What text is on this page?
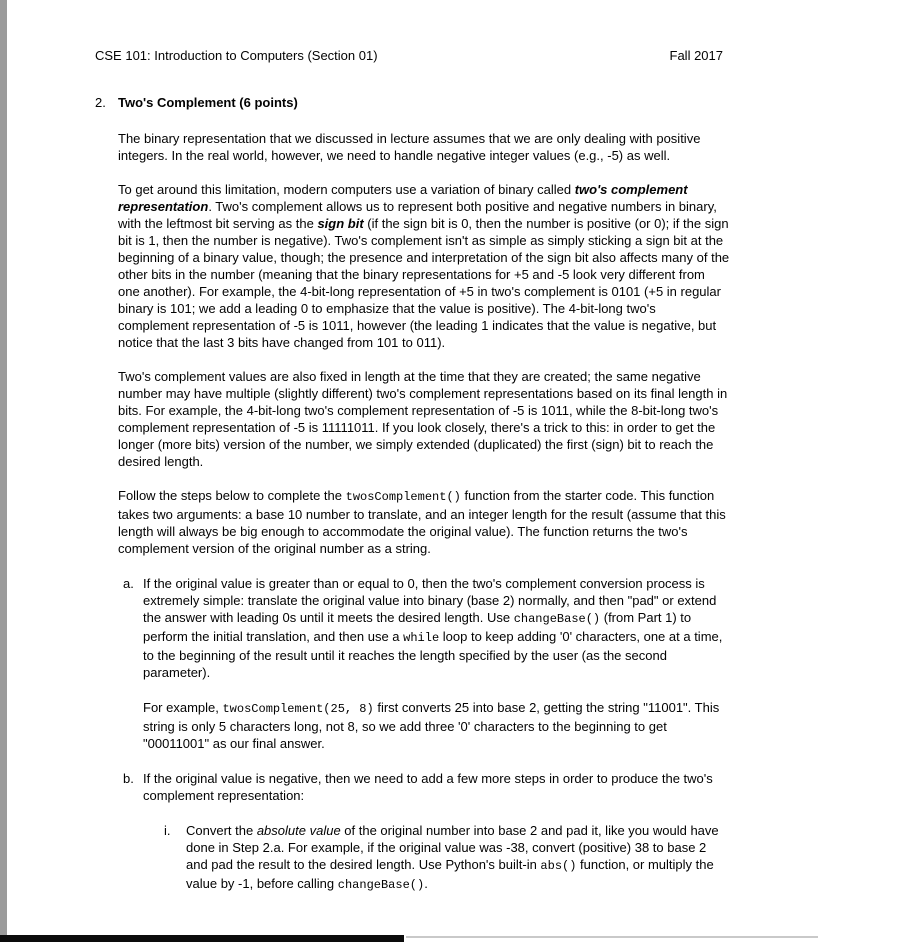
CSE 101: Introduction to Computers (Section 01)	Fall 2017
2. Two's Complement (6 points)

The binary representation that we discussed in lecture assumes that we are only dealing with positive integers. In the real world, however, we need to handle negative integer values (e.g., -5) as well.

To get around this limitation, modern computers use a variation of binary called two's complement representation. Two's complement allows us to represent both positive and negative numbers in binary, with the leftmost bit serving as the sign bit (if the sign bit is 0, then the number is positive (or 0); if the sign bit is 1, then the number is negative). Two's complement isn't as simple as simply sticking a sign bit at the beginning of a binary value, though; the presence and interpretation of the sign bit also affects many of the other bits in the number (meaning that the binary representations for +5 and -5 look very different from one another). For example, the 4-bit-long representation of +5 in two's complement is 0101 (+5 in regular binary is 101; we add a leading 0 to emphasize that the value is positive). The 4-bit-long two's complement representation of -5 is 1011, however (the leading 1 indicates that the value is negative, but notice that the last 3 bits have changed from 101 to 011).

Two's complement values are also fixed in length at the time that they are created; the same negative number may have multiple (slightly different) two's complement representations based on its final length in bits. For example, the 4-bit-long two's complement representation of -5 is 1011, while the 8-bit-long two's complement representation of -5 is 11111011. If you look closely, there's a trick to this: in order to get the longer (more bits) version of the number, we simply extended (duplicated) the first (sign) bit to reach the desired length.

Follow the steps below to complete the twosComplement() function from the starter code. This function takes two arguments: a base 10 number to translate, and an integer length for the result (assume that this length will always be big enough to accommodate the original value). The function returns the two's complement version of the original number as a string.

a. If the original value is greater than or equal to 0, then the two's complement conversion process is extremely simple: translate the original value into binary (base 2) normally, and then "pad" or extend the answer with leading 0s until it meets the desired length. Use changeBase() (from Part 1) to perform the initial translation, and then use a while loop to keep adding '0' characters, one at a time, to the beginning of the result until it reaches the length specified by the user (as the second parameter).

For example, twosComplement(25, 8) first converts 25 into base 2, getting the string "11001". This string is only 5 characters long, not 8, so we add three '0' characters to the beginning to get "00011001" as our final answer.

b. If the original value is negative, then we need to add a few more steps in order to produce the two's complement representation:
i.	Convert the absolute value of the original number into base 2 and pad it, like you would have done in Step 2.a. For example, if the original value was -38, convert (positive) 38 to base 2 and pad the result to the desired length. Use Python's built-in abs() function, or multiply the value by -1, before calling changeBase().
